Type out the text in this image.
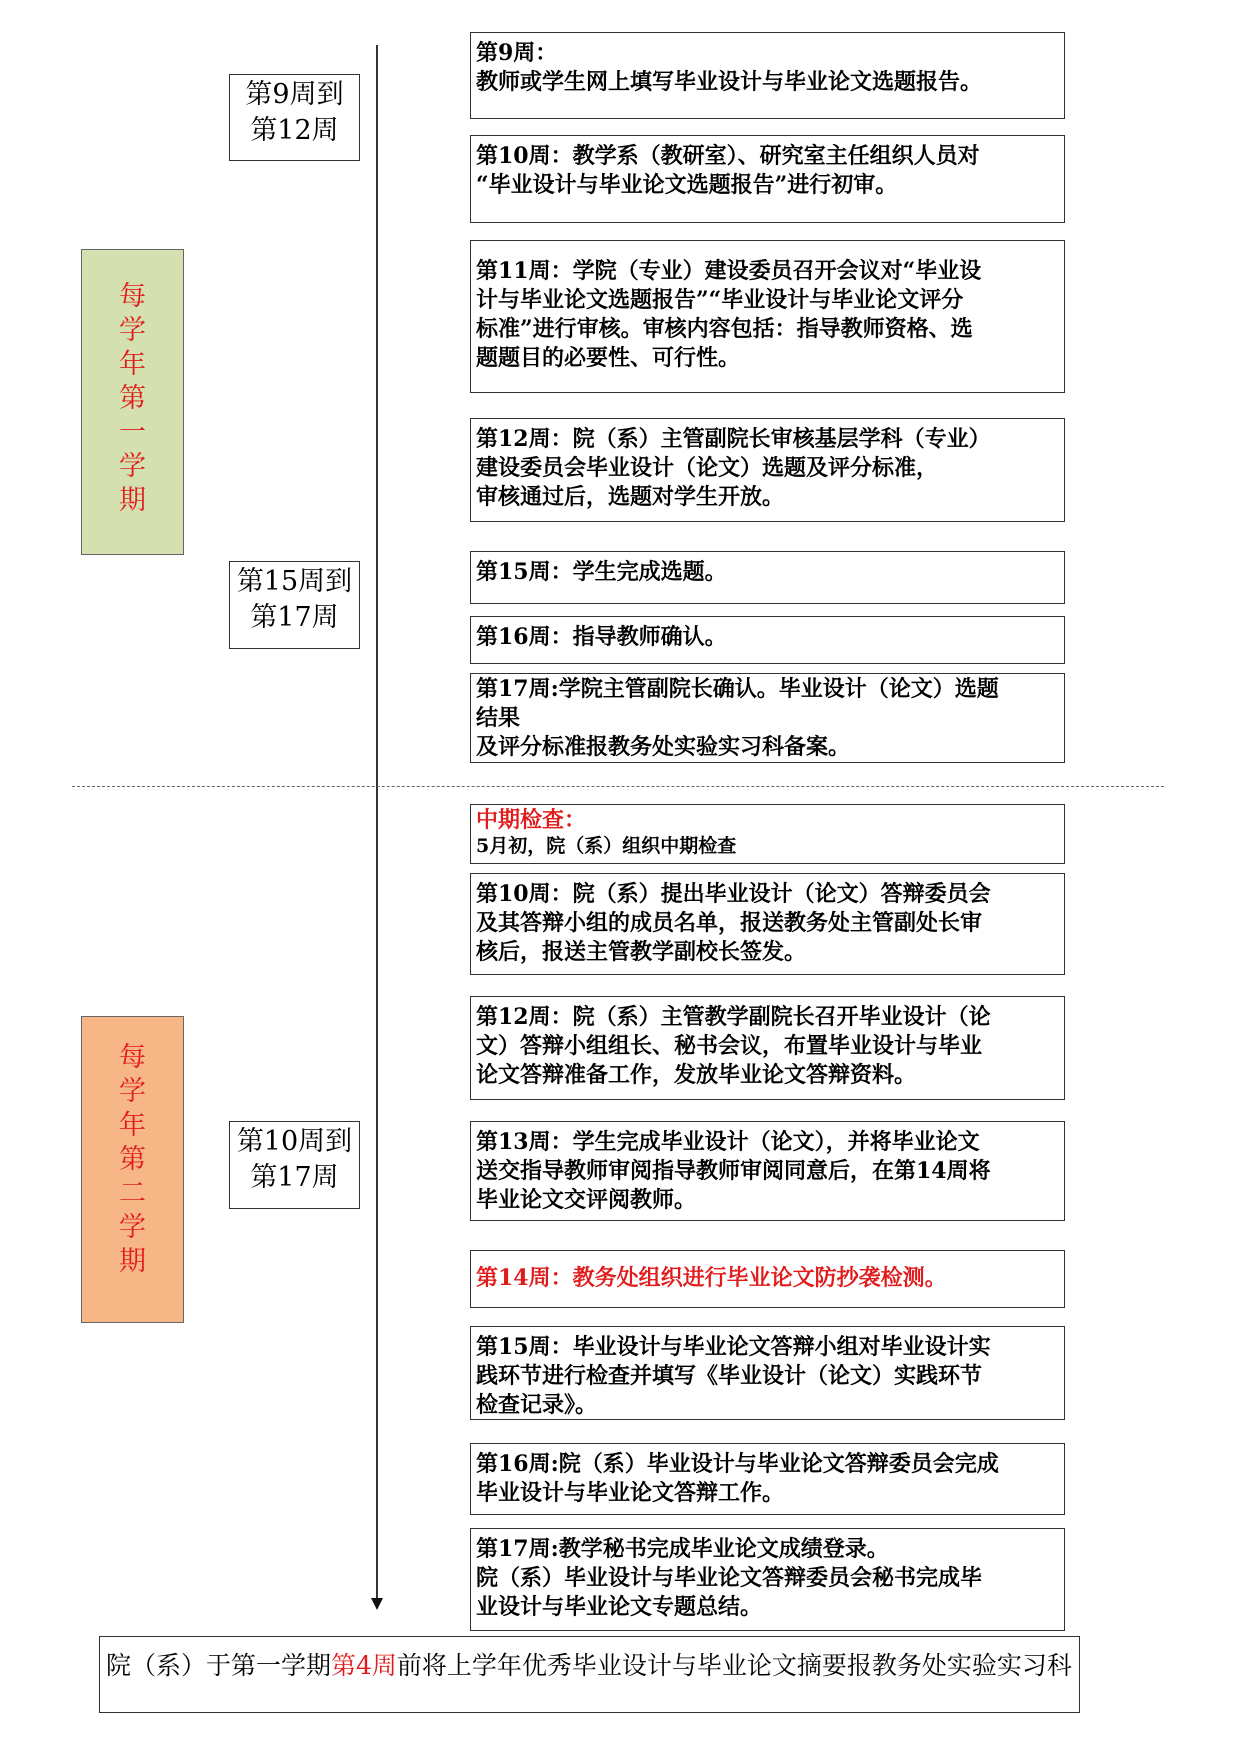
每
学
年
第
一
学
期
每
学
年
第
二
学
期
第9周到
第12周
第15周到
第17周
第10周到
第17周
第9周：
教师或学生网上填写毕业设计与毕业论文选题报告。
第10周：教学系（教研室）、研究室主任组织人员对
“毕业设计与毕业论文选题报告”进行初审。
第11周：学院（专业）建设委员召开会议对“毕业设
计与毕业论文选题报告”“毕业设计与毕业论文评分
标准”进行审核。审核内容包括：指导教师资格、选
题题目的必要性、可行性。
第12周：院（系）主管副院长审核基层学科（专业）
建设委员会毕业设计（论文）选题及评分标准，
审核通过后，选题对学生开放。
第15周：学生完成选题。
第16周：指导教师确认。
第17周:学院主管副院长确认。毕业设计（论文）选题
结果
及评分标准报教务处实验实习科备案。
中期检查：
5月初，院（系）组织中期检查
第10周：院（系）提出毕业设计（论文）答辩委员会
及其答辩小组的成员名单，报送教务处主管副处长审
核后，报送主管教学副校长签发。
第12周：院（系）主管教学副院长召开毕业设计（论
文）答辩小组组长、秘书会议，布置毕业设计与毕业
论文答辩准备工作，发放毕业论文答辩资料。
第13周：学生完成毕业设计（论文），并将毕业论文
送交指导教师审阅指导教师审阅同意后，在第14周将
毕业论文交评阅教师。
第14周：教务处组织进行毕业论文防抄袭检测。
第15周：毕业设计与毕业论文答辩小组对毕业设计实
践环节进行检查并填写《毕业设计（论文）实践环节
检查记录》。
第16周:院（系）毕业设计与毕业论文答辩委员会完成
毕业设计与毕业论文答辩工作。
第17周:教学秘书完成毕业论文成绩登录。
院（系）毕业设计与毕业论文答辩委员会秘书完成毕
业设计与毕业论文专题总结。
院（系）于第一学期第4周前将上学年优秀毕业设计与毕业论文摘要报教务处实验实习科
